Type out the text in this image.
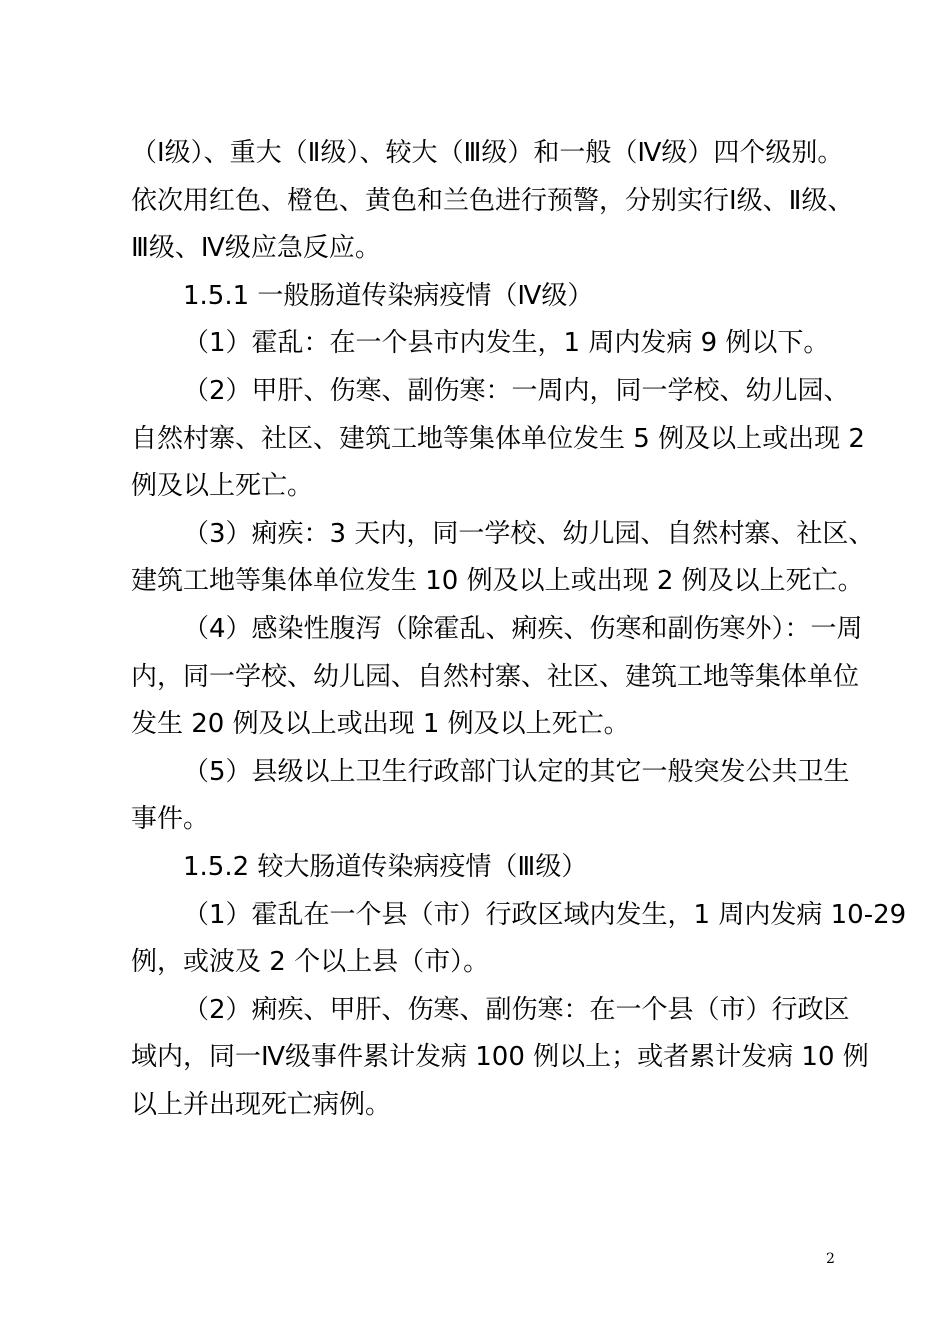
（Ⅰ级）、重大（Ⅱ级）、较大（Ⅲ级）和一般（Ⅳ级）四个级别。
依次用红色、橙色、黄色和兰色进行预警，分别实行Ⅰ级、Ⅱ级、
Ⅲ级、Ⅳ级应急反应。
1.5.1 一般肠道传染病疫情（Ⅳ级）
（1）霍乱：在一个县市内发生，1 周内发病 9 例以下。
（2）甲肝、伤寒、副伤寒：一周内，同一学校、幼儿园、
自然村寨、社区、建筑工地等集体单位发生 5 例及以上或出现 2
例及以上死亡。
（3）痢疾：3 天内，同一学校、幼儿园、自然村寨、社区、
建筑工地等集体单位发生 10 例及以上或出现 2 例及以上死亡。
（4）感染性腹泻（除霍乱、痢疾、伤寒和副伤寒外）：一周
内，同一学校、幼儿园、自然村寨、社区、建筑工地等集体单位
发生 20 例及以上或出现 1 例及以上死亡。
（5）县级以上卫生行政部门认定的其它一般突发公共卫生
事件。
1.5.2 较大肠道传染病疫情（Ⅲ级）
（1）霍乱在一个县（市）行政区域内发生，1 周内发病 10-29
例，或波及 2 个以上县（市）。
（2）痢疾、甲肝、伤寒、副伤寒：在一个县（市）行政区
域内，同一Ⅳ级事件累计发病 100 例以上；或者累计发病 10 例
以上并出现死亡病例。
2
